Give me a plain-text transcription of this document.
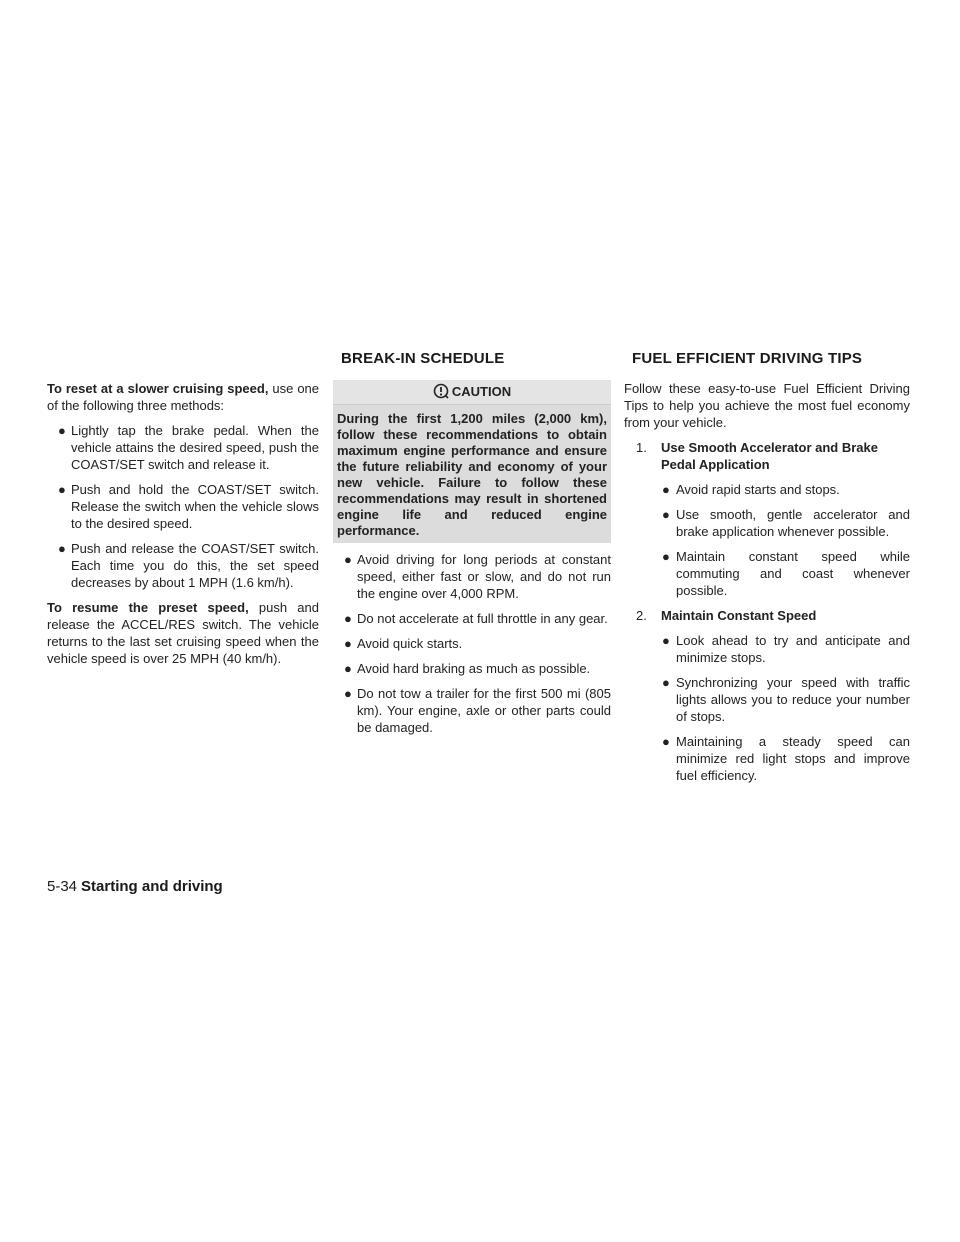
BREAK-IN SCHEDULE	FUEL EFFICIENT DRIVING TIPS

To reset at a slower cruising speed, use one of the following three methods:

● Lightly tap the brake pedal. When the vehicle attains the desired speed, push the COAST/SET switch and release it.
● Push and hold the COAST/SET switch. Release the switch when the vehicle slows to the desired speed.
● Push and release the COAST/SET switch. Each time you do this, the set speed decreases by about 1 MPH (1.6 km/h).

To resume the preset speed, push and release the ACCEL/RES switch. The vehicle returns to the last set cruising speed when the vehicle speed is over 25 MPH (40 km/h).

CAUTION
During the first 1,200 miles (2,000 km), follow these recommendations to obtain maximum engine performance and ensure the future reliability and economy of your new vehicle. Failure to follow these recommendations may result in shortened engine life and reduced engine performance.
● Avoid driving for long periods at constant speed, either fast or slow, and do not run the engine over 4,000 RPM.
● Do not accelerate at full throttle in any gear.
● Avoid quick starts.
● Avoid hard braking as much as possible.
● Do not tow a trailer for the first 500 mi (805 km). Your engine, axle or other parts could be damaged.

Follow these easy-to-use Fuel Efficient Driving Tips to help you achieve the most fuel economy from your vehicle.

1.	Use Smooth Accelerator and Brake Pedal Application
● Avoid rapid starts and stops.
● Use smooth, gentle accelerator and brake application whenever possible.
● Maintain constant speed while commuting and coast whenever possible.
2.	Maintain Constant Speed
● Look ahead to try and anticipate and minimize stops.
● Synchronizing your speed with traffic lights allows you to reduce your number of stops.
● Maintaining a steady speed can minimize red light stops and improve fuel efficiency.
5-34 Starting and driving
